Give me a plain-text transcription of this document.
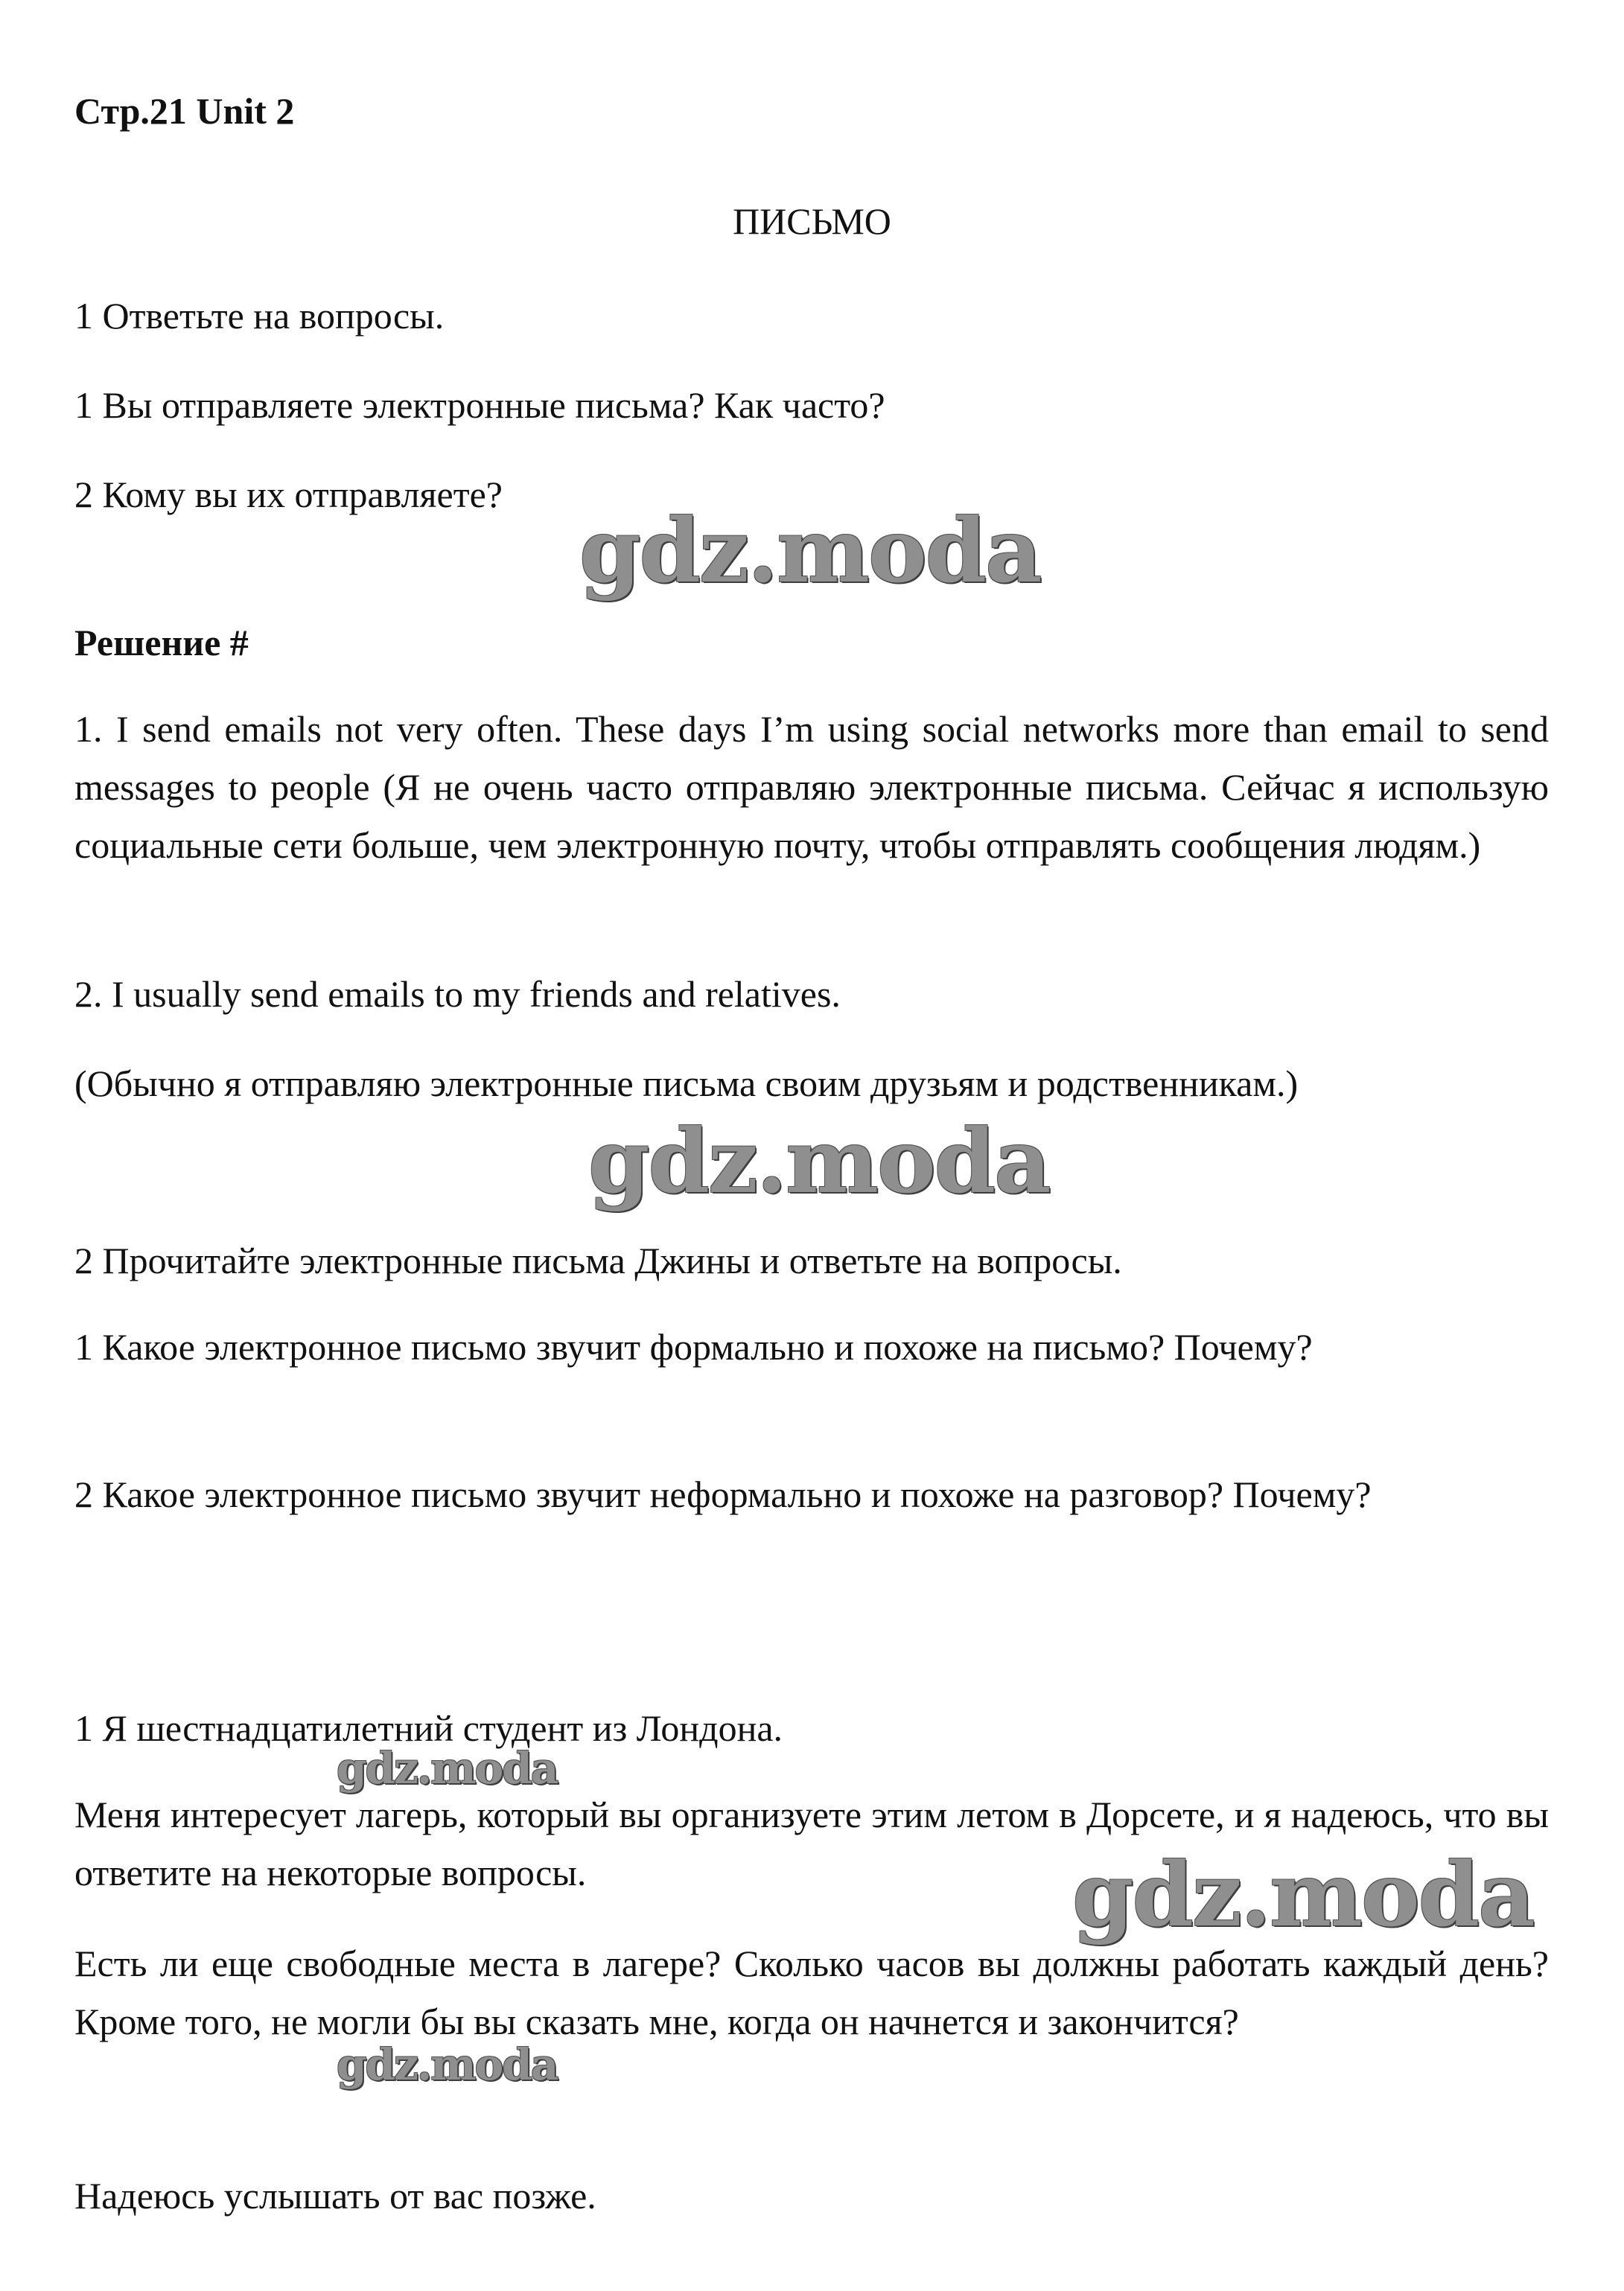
Стр.21 Unit 2

ПИСЬМО

1 Ответьте на вопросы.

1 Вы отправляете электронные письма? Как часто?

2 Кому вы их отправляете?

gdz.moda

Решение #

1. I send emails not very often. These days I’m using social networks more than email to send messages to people (Я не очень часто отправляю электронные письма. Сейчас я использую социальные сети больше, чем электронную почту, чтобы отправлять сообщения людям.)

2. I usually send emails to my friends and relatives.

(Обычно я отправляю электронные письма своим друзьям и родственникам.)

gdz.moda

2 Прочитайте электронные письма Джины и ответьте на вопросы.

1 Какое электронное письмо звучит формально и похоже на письмо? Почему?

2 Какое электронное письмо звучит неформально и похоже на разговор? Почему?

1 Я шестнадцатилетний студент из Лондона.

gdz.moda

Меня интересует лагерь, который вы организуете этим летом в Дорсете, и я надеюсь, что вы ответите на некоторые вопросы.	gdz.moda

Есть ли еще свободные места в лагере? Сколько часов вы должны работать каждый день? Кроме того, не могли бы вы сказать мне, когда он начнется и закончится?

gdz.moda

Надеюсь услышать от вас позже.
